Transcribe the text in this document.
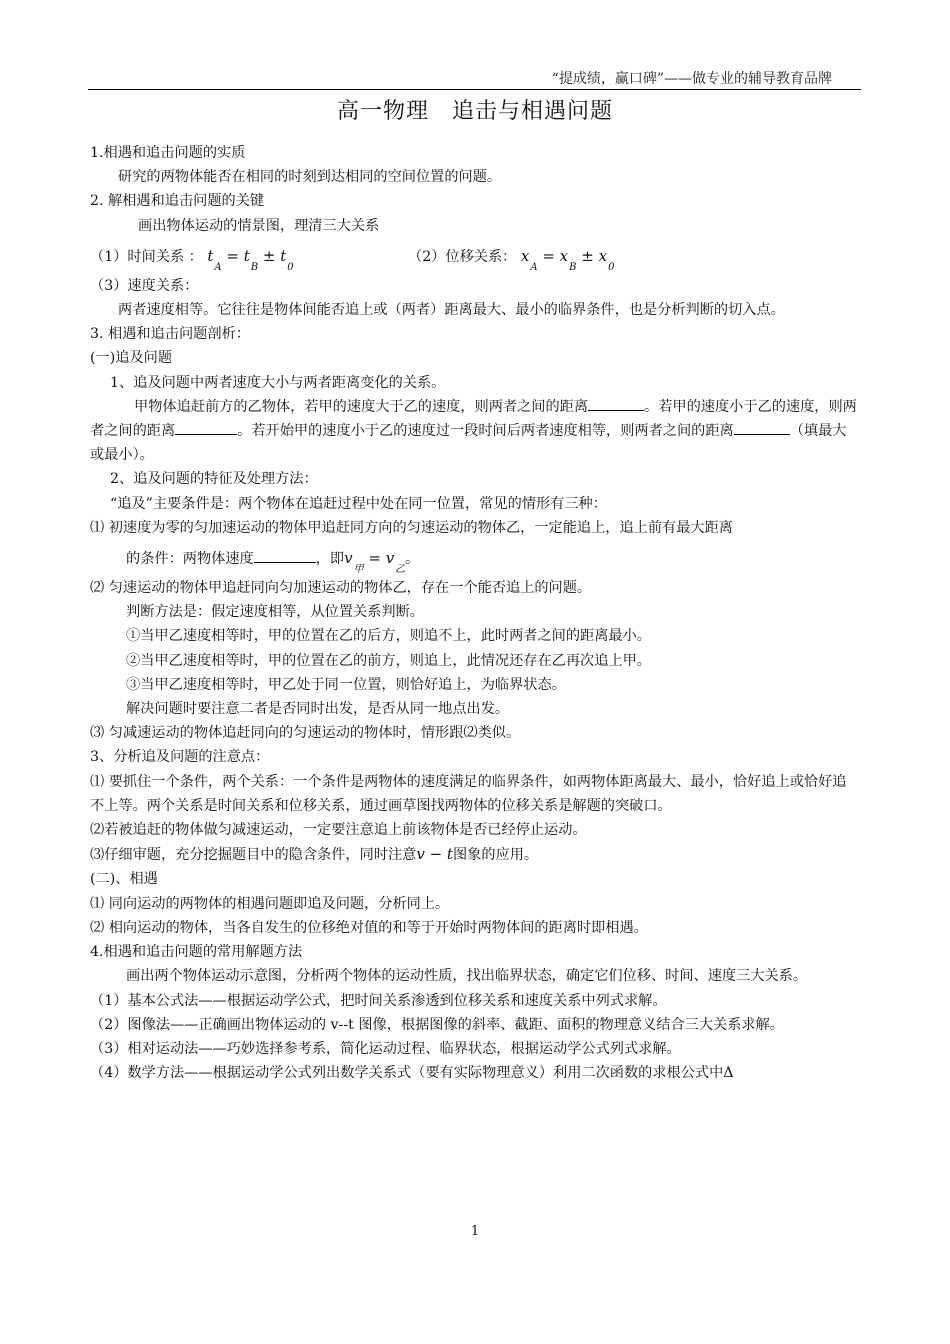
“提成绩，赢口碑”——做专业的辅导教育品牌
高一物理　追击与相遇问题

1.相遇和追击问题的实质

研究的两物体能否在相同的时刻到达相同的空间位置的问题。

2. 解相遇和追击问题的关键

画出物体运动的情景图，理清三大关系

（1）时间关系 ： $t_A = t_B \pm t_0$
（2）位移关系： $x_A = x_B \pm x_0$

（3）速度关系：

两者速度相等。它往往是物体间能否追上或（两者）距离最大、最小的临界条件，也是分析判断的切入点。

3. 相遇和追击问题剖析：

(一)追及问题

1、追及问题中两者速度大小与两者距离变化的关系。

甲物体追赶前方的乙物体，若甲的速度大于乙的速度，则两者之间的距离	。若甲的速度小于乙的速度，则两者之间的距离	。若开始甲的速度小于乙的速度过一段时间后两者速度相等，则两者之间的距离	（填最大或最小）。

2、追及问题的特征及处理方法：

“追及”主要条件是：两个物体在追赶过程中处在同一位置，常见的情形有三种：

⑴ 初速度为零的匀加速运动的物体甲追赶同方向的匀速运动的物体乙，一定能追上，追上前有最大距离

的条件：两物体速度	，即$v_甲 = v_乙$。

⑵ 匀速运动的物体甲追赶同向匀加速运动的物体乙，存在一个能否追上的问题。

判断方法是：假定速度相等，从位置关系判断。

①当甲乙速度相等时，甲的位置在乙的后方，则追不上，此时两者之间的距离最小。

②当甲乙速度相等时，甲的位置在乙的前方，则追上，此情况还存在乙再次追上甲。

③当甲乙速度相等时，甲乙处于同一位置，则恰好追上，为临界状态。

解决问题时要注意二者是否同时出发，是否从同一地点出发。

⑶ 匀减速运动的物体追赶同向的匀速运动的物体时，情形跟⑵类似。

3、分析追及问题的注意点：

⑴ 要抓住一个条件，两个关系：一个条件是两物体的速度满足的临界条件，如两物体距离最大、最小，恰好追上或恰好追不上等。两个关系是时间关系和位移关系，通过画草图找两物体的位移关系是解题的突破口。

⑵若被追赶的物体做匀减速运动，一定要注意追上前该物体是否已经停止运动。

⑶仔细审题，充分挖掘题目中的隐含条件，同时注意v − t图象的应用。

(二)、相遇

⑴ 同向运动的两物体的相遇问题即追及问题，分析同上。

⑵ 相向运动的物体，当各自发生的位移绝对值的和等于开始时两物体间的距离时即相遇。

4.相遇和追击问题的常用解题方法

画出两个物体运动示意图，分析两个物体的运动性质，找出临界状态，确定它们位移、时间、速度三大关系。

（1）基本公式法——根据运动学公式，把时间关系渗透到位移关系和速度关系中列式求解。

（2）图像法——正确画出物体运动的 v--t 图像，根据图像的斜率、截距、面积的物理意义结合三大关系求解。

（3）相对运动法——巧妙选择参考系，简化运动过程、临界状态，根据运动学公式列式求解。

（4）数学方法——根据运动学公式列出数学关系式（要有实际物理意义）利用二次函数的求根公式中Δ

1
